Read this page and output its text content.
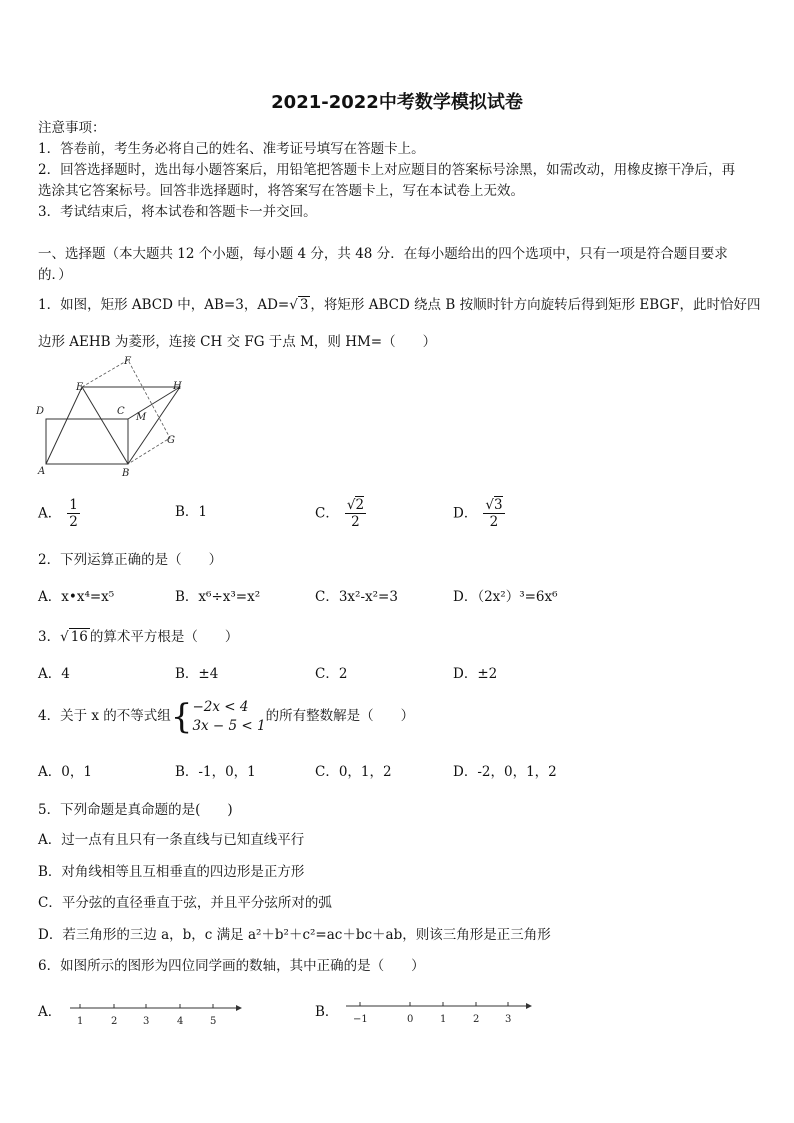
2021-2022中考数学模拟试卷
注意事项：
1．答卷前，考生务必将自己的姓名、准考证号填写在答题卡上。
2．回答选择题时，选出每小题答案后，用铅笔把答题卡上对应题目的答案标号涂黑，如需改动，用橡皮擦干净后，再
选涂其它答案标号。回答非选择题时，将答案写在答题卡上，写在本试卷上无效。
3．考试结束后，将本试卷和答题卡一并交回。
一、选择题（本大题共 12 个小题，每小题 4 分，共 48 分．在每小题给出的四个选项中，只有一项是符合题目要求
的．）
1．如图，矩形 ABCD 中，AB=3，AD=√ 3 ，将矩形 ABCD 绕点 B 按顺时针方向旋转后得到矩形 EBGF，此时恰好四
边形 AEHB 为菱形，连接 CH 交 FG 于点 M，则 HM=（　　）
F
E	H
D	C
M
G
A	B
A． $\frac{1}{2}$	B．1	C． $\frac{√2}{2}$	D． $\frac{√3}{2}$
2．下列运算正确的是（　　）
A．x•x⁴=x⁵	B．x⁶÷x³=x²	C．3x²-x²=3	D．（2x²）³=6x⁶
3．√ 16 的算术平方根是（　　）
A．4	B．±4	C．2	D．±2
4．关于 x 的不等式组{−2x < 4
3x − 5 < 1的所有整数解是（　　）
A．0，1	B．-1，0，1	C．0，1，2	D．-2，0，1，2
5．下列命题是真命题的是(　　)
A．过一点有且只有一条直线与已知直线平行
B．对角线相等且互相垂直的四边形是正方形
C．平分弦的直径垂直于弦，并且平分弦所对的弧
D．若三角形的三边 a，b，c 满足 a²＋b²＋c²=ac＋bc＋ab，则该三角形是正三角形
6．如图所示的图形为四位同学画的数轴，其中正确的是（　　）
A．
1	2	3	4	5
B． −1	0	1	2	3
